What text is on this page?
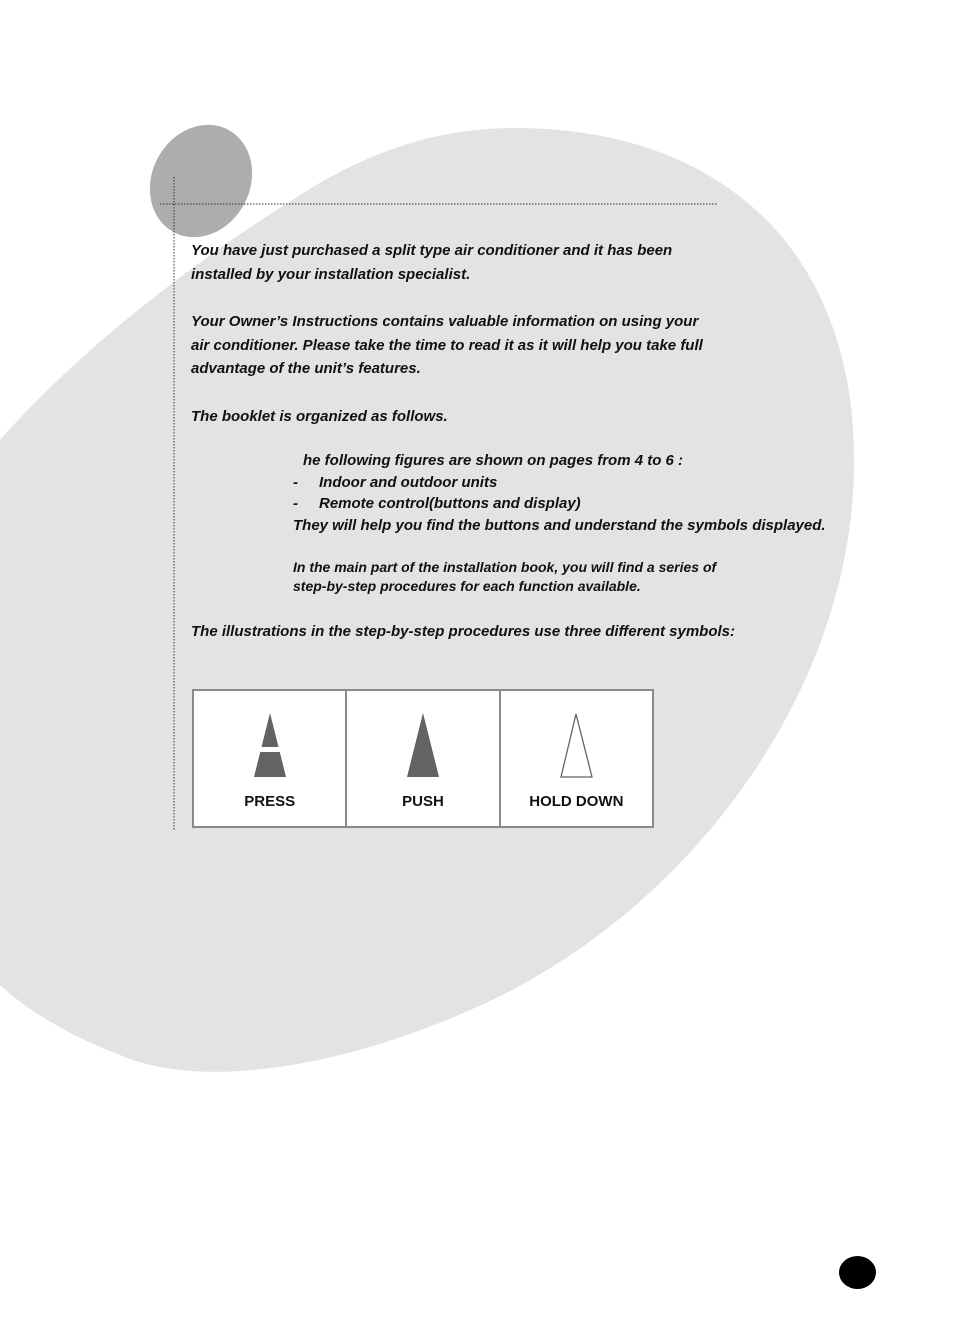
You have just purchased a split type air conditioner and it has been

installed by your installation specialist.

Your Owner’s Instructions contains valuable information on using your

air conditioner. Please take the time to read it as it will help you take full

advantage of the unit’s features.

The booklet is organized as follows.

he following figures are shown on pages from 4 to 6 :

- Indoor and outdoor units
- Remote control(buttons and display)

They will help you find the buttons and understand the symbols displayed.

In the main part of the installation book, you will find a series of

step-by-step procedures for each function available.

The illustrations in the step-by-step procedures use three different symbols:

PRESS	PUSH	HOLD DOWN
